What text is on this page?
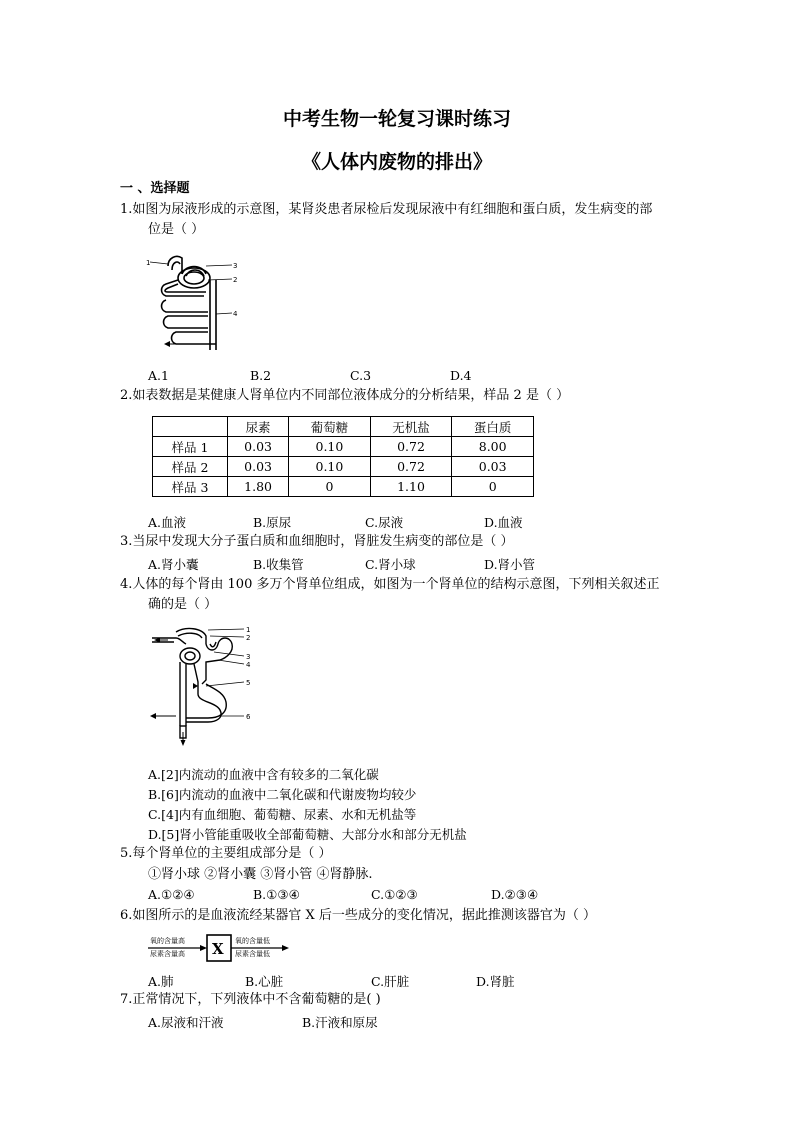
中考生物一轮复习课时练习
《人体内废物的排出》
一 、选择题
1.如图为尿液形成的示意图，某肾炎患者尿检后发现尿液中有红细胞和蛋白质，发生病变的部
位是（ ）
1	3
2
4
A.1	B.2	C.3	D.4
2.如表数据是某健康人肾单位内不同部位液体成分的分析结果，样品 2 是（ ）
	尿素	葡萄糖	无机盐	蛋白质
样品 1	0.03	0.10	0.72	8.00
样品 2	0.03	0.10	0.72	0.03
样品 3	1.80	0	1.10	0
A.血液	B.原尿	C.尿液	D.血液
3.当尿中发现大分子蛋白质和血细胞时，肾脏发生病变的部位是（ ）
A.肾小囊	B.收集管	C.肾小球	D.肾小管
4.人体的每个肾由 100 多万个肾单位组成，如图为一个肾单位的结构示意图，下列相关叙述正
确的是（ ）
1
2
3
4
5
6
A.[2]内流动的血液中含有较多的二氧化碳
B.[6]内流动的血液中二氧化碳和代谢废物均较少
C.[4]内有血细胞、葡萄糖、尿素、水和无机盐等
D.[5]肾小管能重吸收全部葡萄糖、大部分水和部分无机盐
5.每个肾单位的主要组成部分是（ ）
①肾小球 ②肾小囊 ③肾小管 ④肾静脉.
A.①②④	B.①③④	C.①②③	D.②③④
6.如图所示的是血液流经某器官 X 后一些成分的变化情况，据此推测该器官为（ ）
氧的含量高
尿素含量高 X 氧的含量低
尿素含量低
A.肺	B.心脏	C.肝脏	D.肾脏
7.正常情况下，下列液体中不含葡萄糖的是( )
A.尿液和汗液	B.汗液和原尿
